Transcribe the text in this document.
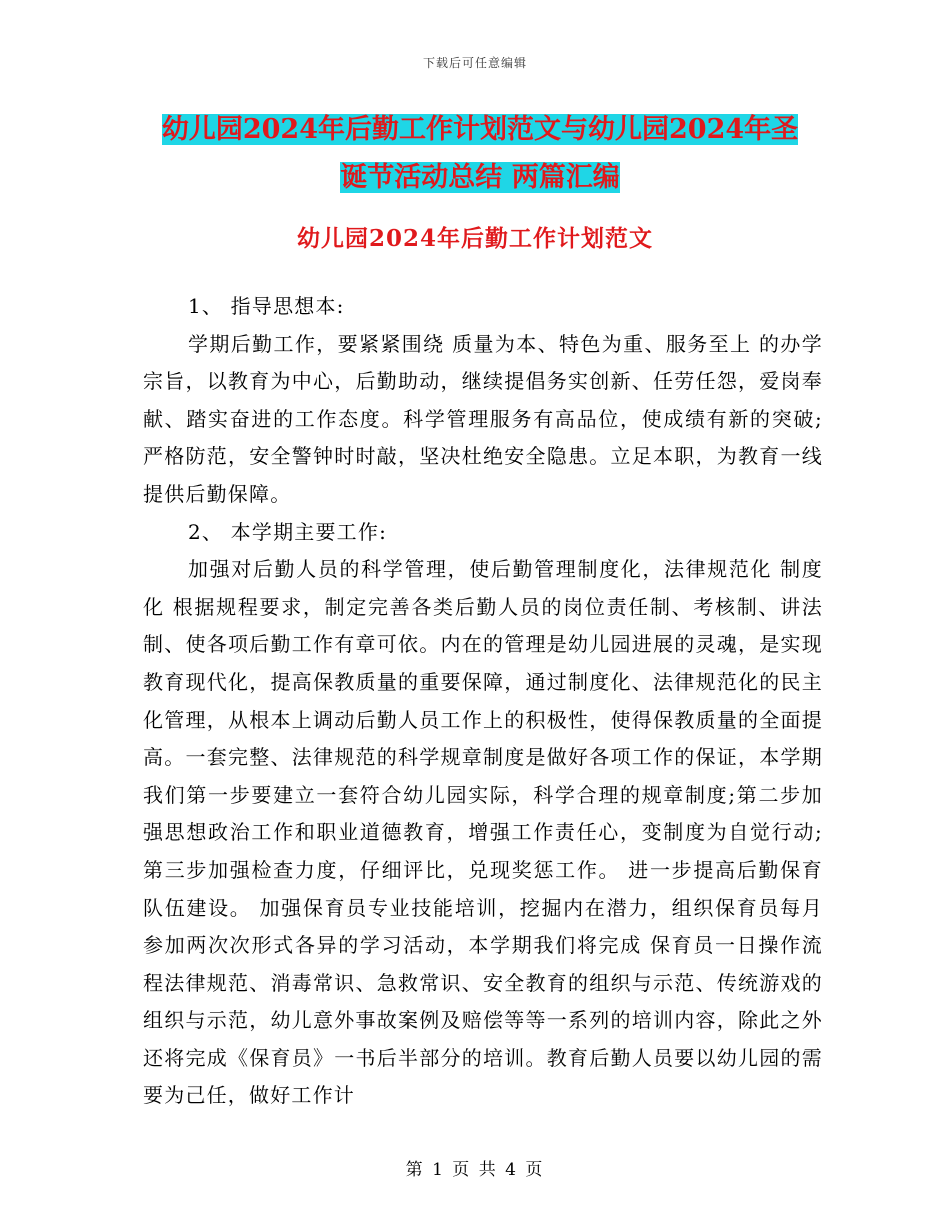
下载后可任意编辑
幼儿园2024年后勤工作计划范文与幼儿园2024年圣
诞节活动总结 两篇汇编
幼儿园2024年后勤工作计划范文

1、 指导思想本:

学期后勤工作，要紧紧围绕 质量为本、特色为重、服务至上 的办学宗旨，以教育为中心，后勤助动，继续提倡务实创新、任劳任怨，爱岗奉献、踏实奋进的工作态度。科学管理服务有高品位，使成绩有新的突破;严格防范，安全警钟时时敲，坚决杜绝安全隐患。立足本职，为教育一线提供后勤保障。

2、 本学期主要工作:

加强对后勤人员的科学管理，使后勤管理制度化，法律规范化 制度化 根据规程要求，制定完善各类后勤人员的岗位责任制、考核制、讲法制、使各项后勤工作有章可依。内在的管理是幼儿园进展的灵魂，是实现教育现代化，提高保教质量的重要保障，通过制度化、法律规范化的民主化管理，从根本上调动后勤人员工作上的积极性，使得保教质量的全面提高。一套完整、法律规范的科学规章制度是做好各项工作的保证，本学期我们第一步要建立一套符合幼儿园实际，科学合理的规章制度;第二步加强思想政治工作和职业道德教育，增强工作责任心，变制度为自觉行动;第三步加强检查力度，仔细评比，兑现奖惩工作。 进一步提高后勤保育队伍建设。 加强保育员专业技能培训，挖掘内在潜力，组织保育员每月参加两次次形式各异的学习活动，本学期我们将完成 保育员一日操作流程法律规范、消毒常识、急救常识、安全教育的组织与示范、传统游戏的组织与示范，幼儿意外事故案例及赔偿等等一系列的培训内容，除此之外还将完成《保育员》一书后半部分的培训。教育后勤人员要以幼儿园的需要为己任，做好工作计

第 1 页 共 4 页
